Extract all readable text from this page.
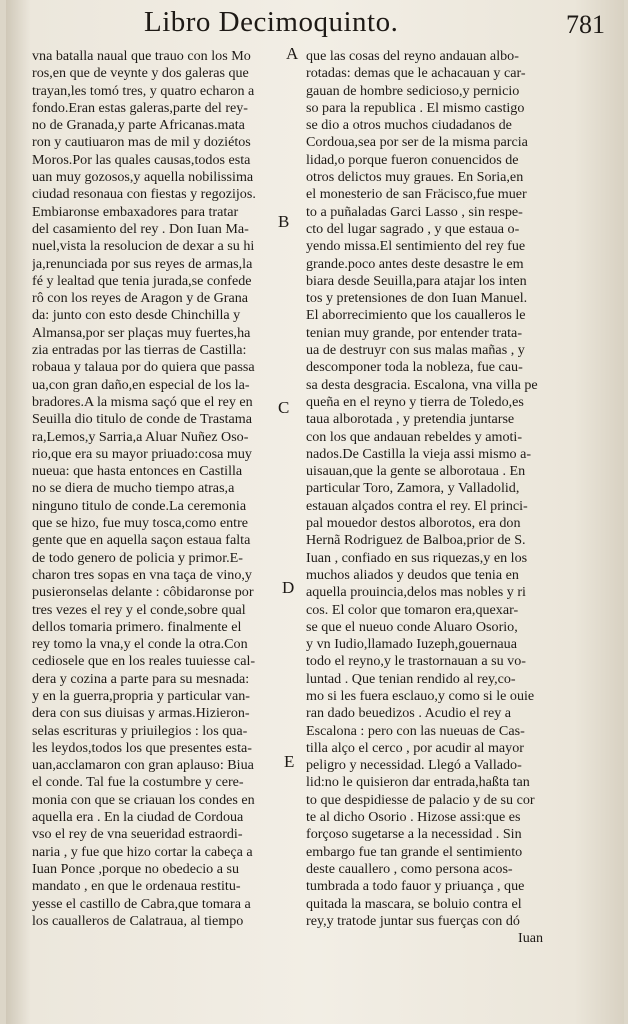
Libro Decimoquinto.	781
vna batalla naual que trauo con los Mo
ros,en que de veynte y dos galeras que
trayan,les tomó tres, y quatro echaron a
fondo.Eran estas galeras,parte del rey-
no de Granada,y parte Africanas.mata
ron y cautiuaron mas de mil y doziétos
Moros.Por las quales causas,todos esta
uan muy gozosos,y aquella nobilissima
ciudad resonaua con fiestas y regozijos.
Embiaronse embaxadores para tratar
del casamiento del rey . Don Iuan Ma-
nuel,vista la resolucion de dexar a su hi
ja,renunciada por sus reyes de armas,la
fé y lealtad que tenia jurada,se confede
rô con los reyes de Aragon y de Grana
da: junto con esto desde Chinchilla y
Almansa,por ser plaças muy fuertes,ha
zia entradas por las tierras de Castilla:
robaua y talaua por do quiera que passa
ua,con gran daño,en especial de los la-
bradores.A la misma saçó que el rey en
Seuilla dio titulo de conde de Trastama
ra,Lemos,y Sarria,a Aluar Nuñez Oso-
rio,que era su mayor priuado:cosa muy
nueua: que hasta entonces en Castilla
no se diera de mucho tiempo atras,a
ninguno titulo de conde.La ceremonia
que se hizo, fue muy tosca,como entre
gente que en aquella saçon estaua falta
de todo genero de policia y primor.E-
charon tres sopas en vna taça de vino,y
pusieronselas delante : côbidaronse por
tres vezes el rey y el conde,sobre qual
dellos tomaria primero. finalmente el
rey tomo la vna,y el conde la otra.Con
cediosele que en los reales tuuiesse cal-
dera y cozina a parte para su mesnada:
y en la guerra,propria y particular van-
dera con sus diuisas y armas.Hizieron-
selas escrituras y priuilegios : los qua-
les leydos,todos los que presentes esta-
uan,acclamaron con gran aplauso: Biua
el conde. Tal fue la costumbre y cere-
monia con que se criauan los condes en
aquella era . En la ciudad de Cordoua
vso el rey de vna seueridad estraordi-
naria , y fue que hizo cortar la cabeça a
Iuan Ponce ,porque no obedecio a su
mandato , en que le ordenaua restitu-
yesse el castillo de Cabra,que tomara a
los caualleros de Calatraua, al tiempo
que las cosas del reyno andauan albo-
rotadas: demas que le achacauan y car-
gauan de hombre sedicioso,y pernicio
so para la republica . El mismo castigo
se dio a otros muchos ciudadanos de
Cordoua,sea por ser de la misma parcia
lidad,o porque fueron conuencidos de
otros delictos muy graues. En Soria,en
el monesterio de san Fräcisco,fue muer
to a puñaladas Garci Lasso , sin respe-
cto del lugar sagrado , y que estaua o-
yendo missa.El sentimiento del rey fue
grande.poco antes deste desastre le em
biara desde Seuilla,para atajar los inten
tos y pretensiones de don Iuan Manuel.
El aborrecimiento que los caualleros le
tenian muy grande, por entender trata-
ua de destruyr con sus malas mañas , y
descomponer toda la nobleza, fue cau-
sa desta desgracia. Escalona, vna villa pe
queña en el reyno y tierra de Toledo,es
taua alborotada , y pretendia juntarse
con los que andauan rebeldes y amoti-
nados.De Castilla la vieja assi mismo a-
uisauan,que la gente se alborotaua . En
particular Toro, Zamora, y Valladolid,
estauan alçados contra el rey. El princi-
pal mouedor destos alborotos, era don
Hernã Rodriguez de Balboa,prior de S.
Iuan , confiado en sus riquezas,y en los
muchos aliados y deudos que tenia en
aquella prouincia,delos mas nobles y ri
cos. El color que tomaron era,quexar-
se que el nueuo conde Aluaro Osorio,
y vn Iudio,llamado Iuzeph,gouernaua
todo el reyno,y le trastornauan a su vo-
luntad . Que tenian rendido al rey,co-
mo si les fuera esclauo,y como si le ouie
ran dado beuedizos . Acudio el rey a
Escalona : pero con las nueuas de Cas-
tilla alço el cerco , por acudir al mayor
peligro y necessidad. Llegó a Vallado-
lid:no le quisieron dar entrada,haßta tan
to que despidiesse de palacio y de su cor
te al dicho Osorio . Hizose assi:que es
forçoso sugetarse a la necessidad . Sin
embargo fue tan grande el sentimiento
deste cauallero , como persona acos-
tumbrada a todo fauor y priuança , que
quitada la mascara, se boluio contra el
rey,y tratode juntar sus fuerças con dó
Iuan
A
B
C
D
E
